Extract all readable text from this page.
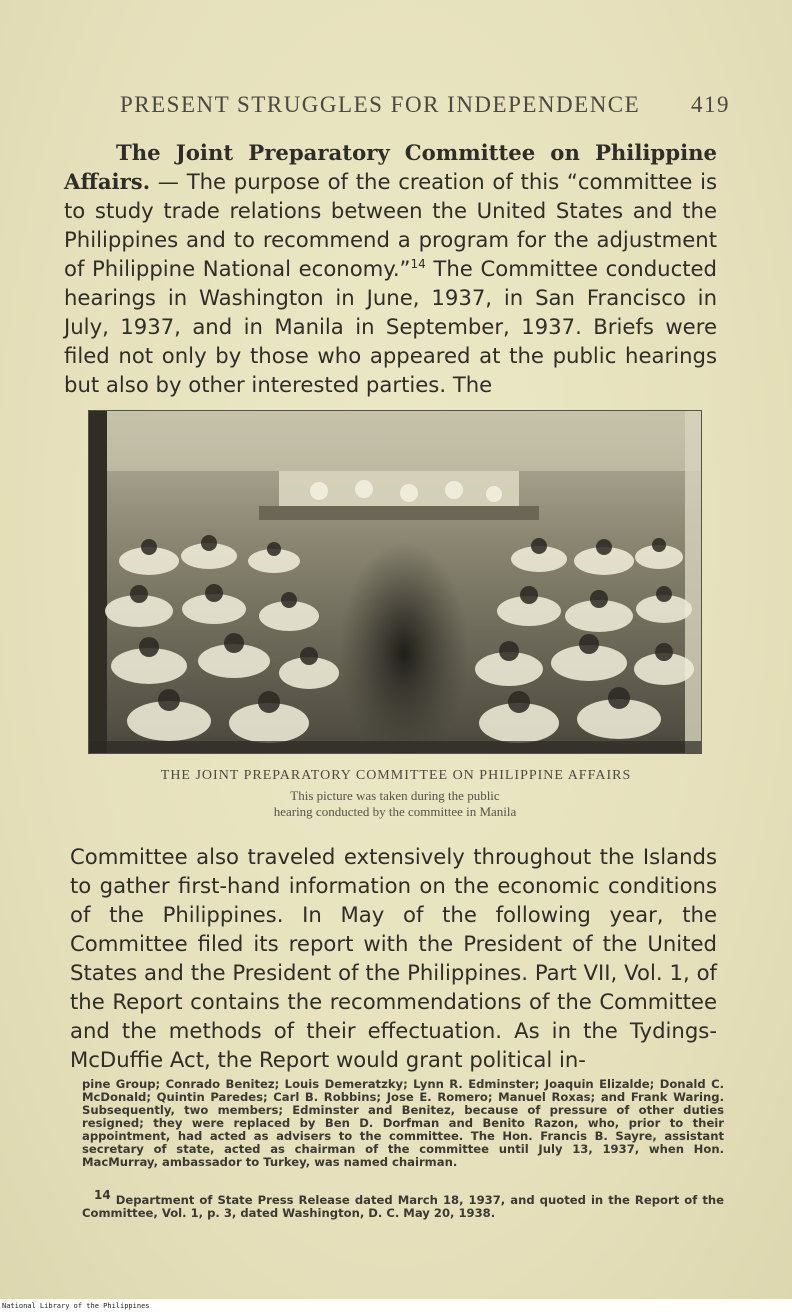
PRESENT STRUGGLES FOR INDEPENDENCE 419

The Joint Preparatory Committee on Philippine Affairs. — The purpose of the creation of this “committee is to study trade relations between the United States and the Philippines and to recommend a program for the adjustment of Philippine National economy.”$^{14}$ The Committee conducted hearings in Washington in June, 1937, in San Francisco in July, 1937, and in Manila in September, 1937. Briefs were filed not only by those who appeared at the public hearings but also by other interested parties. The

THE JOINT PREPARATORY COMMITTEE ON PHILIPPINE AFFAIRS
This picture was taken during the public hearing conducted by the committee in Manila

Committee also traveled extensively throughout the Islands to gather first-hand information on the economic conditions of the Philippines. In May of the following year, the Committee filed its report with the President of the United States and the President of the Philippines. Part VII, Vol. 1, of the Report contains the recommendations of the Committee and the methods of their effectuation. As in the Tydings-McDuffie Act, the Report would grant political in-

pine Group; Conrado Benitez; Louis Demeratzky; Lynn R. Edminster; Joaquin Elizalde; Donald C. McDonald; Quintin Paredes; Carl B. Robbins; Jose E. Romero; Manuel Roxas; and Frank Waring. Subsequently, two members; Edminster and Benitez, because of pressure of other duties resigned; they were replaced by Ben D. Dorfman and Benito Razon, who, prior to their appointment, had acted as advisers to the committee. The Hon. Francis B. Sayre, assistant secretary of state, acted as chairman of the committee until July 13, 1937, when Hon. MacMurray, ambassador to Turkey, was named chairman.

14 Department of State Press Release dated March 18, 1937, and quoted in the Report of the Committee, Vol. 1, p. 3, dated Washington, D. C. May 20, 1938.

National Library of the Philippines
